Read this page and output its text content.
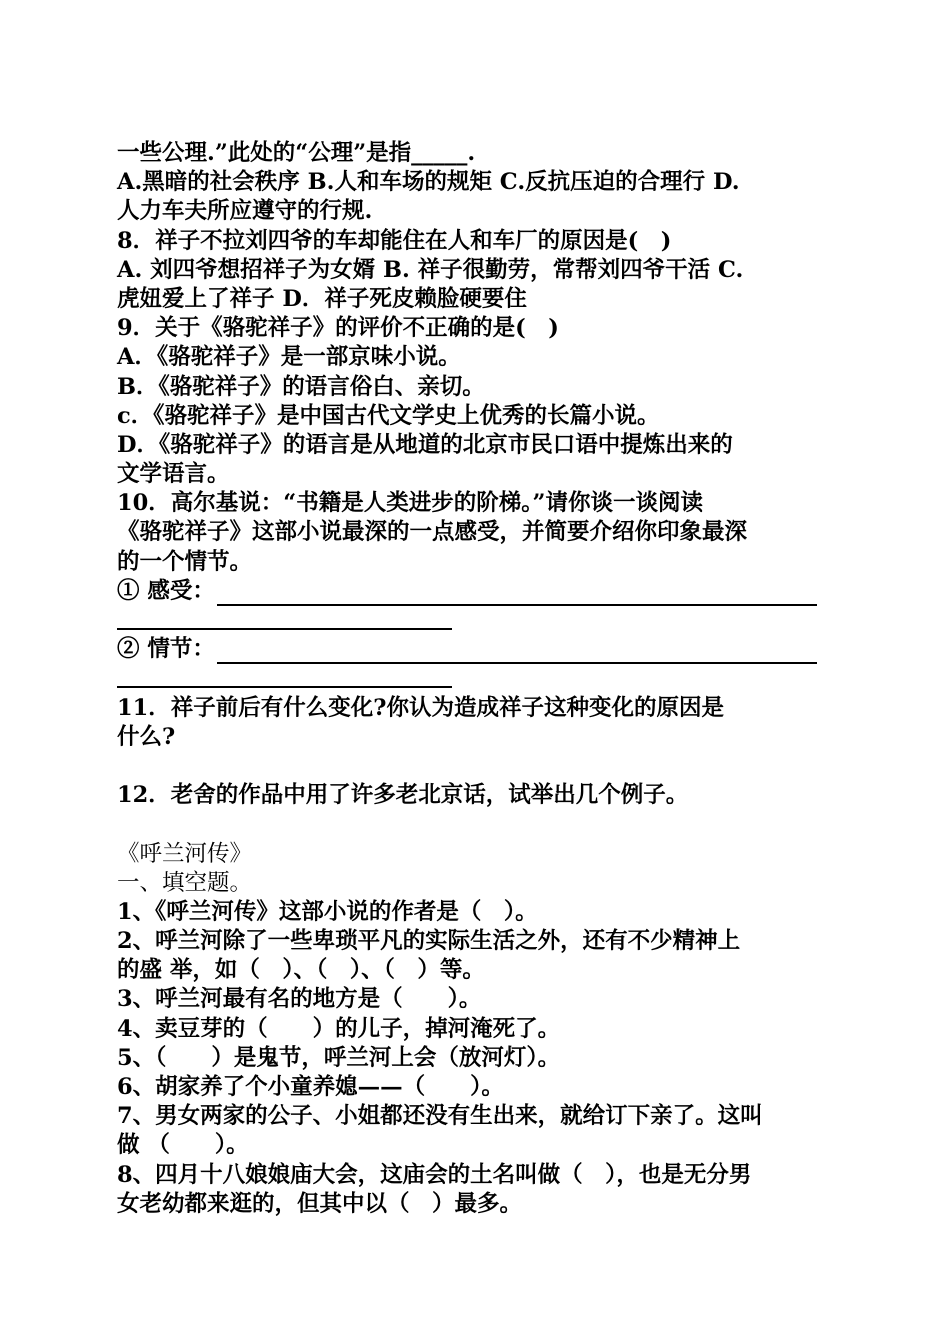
一些公理.”此处的“公理”是指_____.
A.黑暗的社会秩序 B.人和车场的规矩 C.反抗压迫的合理行 D.
人力车夫所应遵守的行规.
8．祥子不拉刘四爷的车却能住在人和车厂的原因是(　)
A. 刘四爷想招祥子为女婿 B. 祥子很勤劳，常帮刘四爷干活 C.
虎妞爱上了祥子 D．祥子死皮赖脸硬要住
9．关于《骆驼祥子》的评价不正确的是(　)
A．《骆驼祥子》是一部京味小说。
B．《骆驼祥子》的语言俗白、亲切。
c．《骆驼祥子》是中国古代文学史上优秀的长篇小说。
D．《骆驼祥子》的语言是从地道的北京市民口语中提炼出来的
文学语言。
10．高尔基说：“书籍是人类进步的阶梯。”请你谈一谈阅读
《骆驼祥子》这部小说最深的一点感受，并简要介绍你印象最深
的一个情节。
① 感受：
② 情节：
11．祥子前后有什么变化?你认为造成祥子这种变化的原因是
什么?
12．老舍的作品中用了许多老北京话，试举出几个例子。
《呼兰河传》
一、填空题。
1、《呼兰河传》这部小说的作者是（　）。
2、呼兰河除了一些卑琐平凡的实际生活之外，还有不少精神上
的盛 举，如（　）、（　）、（　）等。
3、呼兰河最有名的地方是（　　）。
4、卖豆芽的（　　）的儿子，掉河淹死了。
5、（　　）是鬼节，呼兰河上会（放河灯）。
6、胡家养了个小童养媳——（　　）。
7、男女两家的公子、小姐都还没有生出来，就给订下亲了。这叫
做 （　　）。
8、四月十八娘娘庙大会，这庙会的土名叫做（　），也是无分男
女老幼都来逛的，但其中以（　）最多。
